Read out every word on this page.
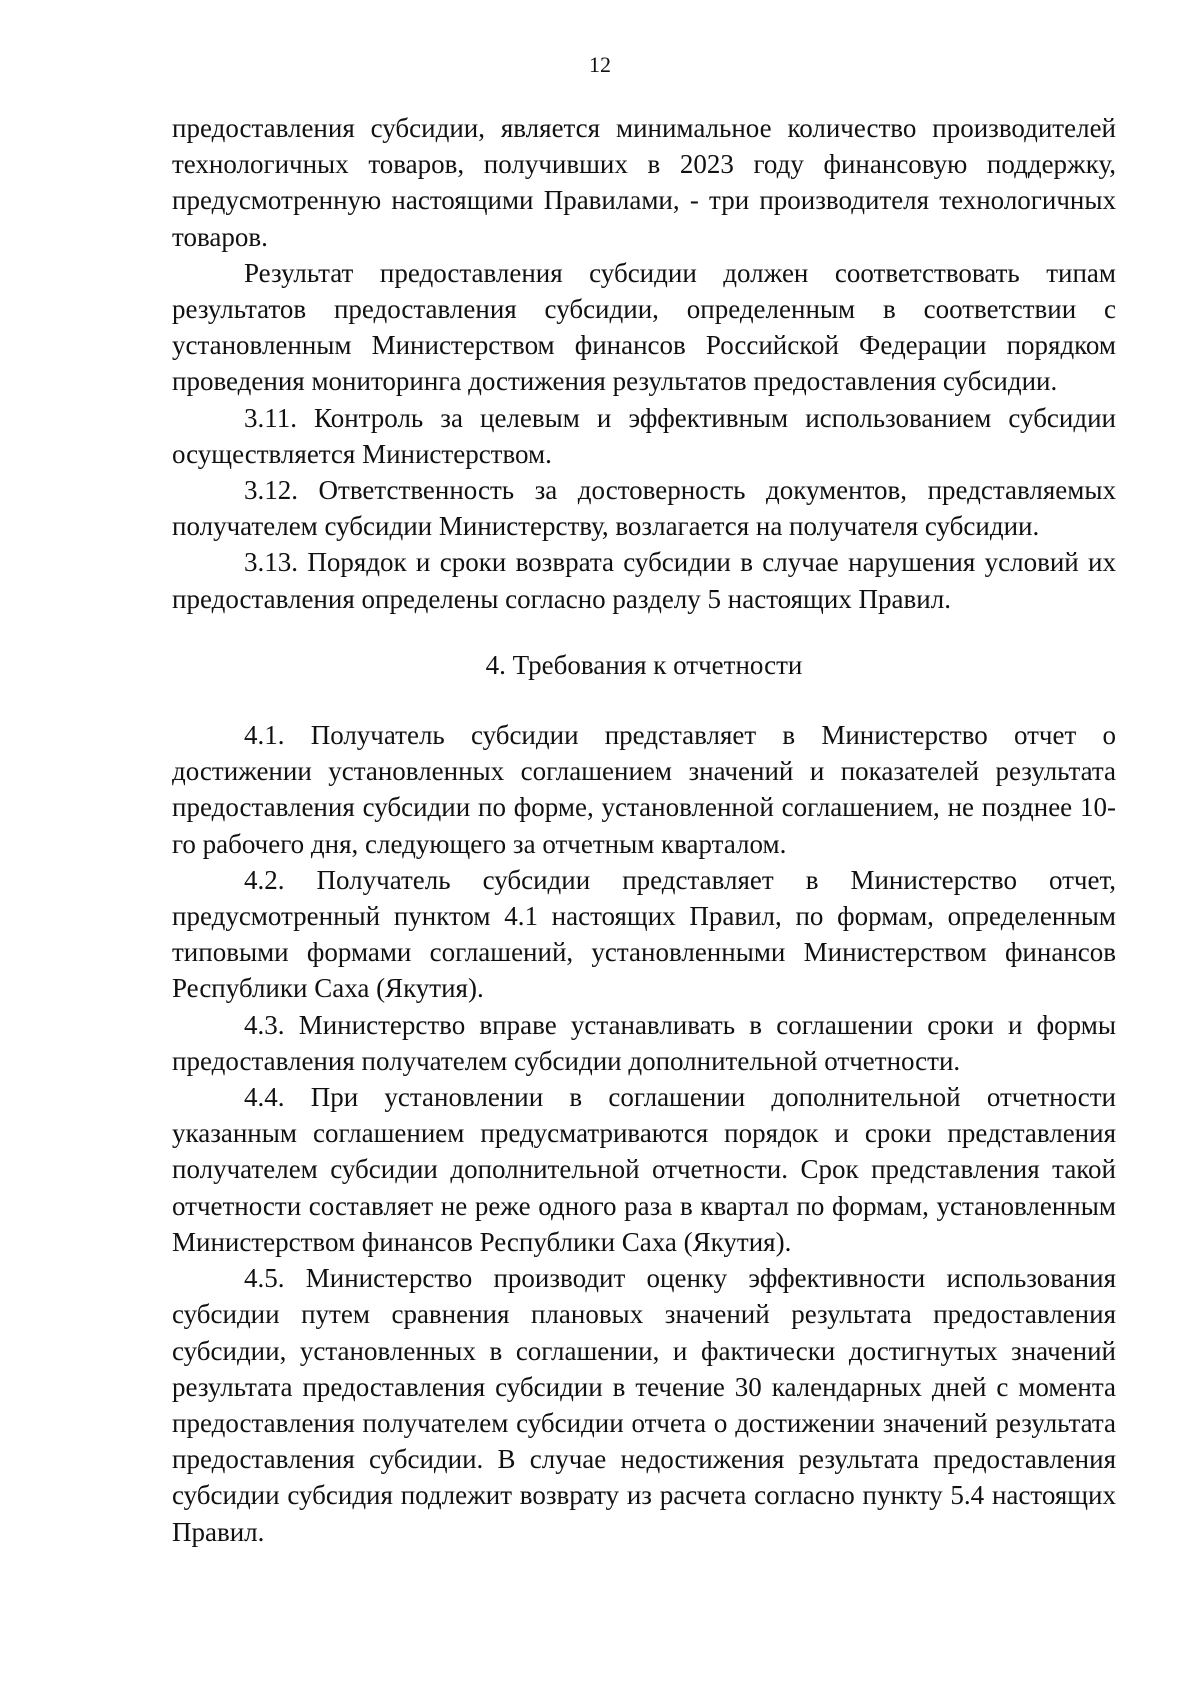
12

предоставления субсидии, является минимальное количество производителей технологичных товаров, получивших в 2023 году финансовую поддержку, предусмотренную настоящими Правилами, - три производителя технологичных товаров.

Результат предоставления субсидии должен соответствовать типам результатов предоставления субсидии, определенным в соответствии с установленным Министерством финансов Российской Федерации порядком проведения мониторинга достижения результатов предоставления субсидии.

3.11. Контроль за целевым и эффективным использованием субсидии осуществляется Министерством.

3.12. Ответственность за достоверность документов, представляемых получателем субсидии Министерству, возлагается на получателя субсидии.

3.13. Порядок и сроки возврата субсидии в случае нарушения условий их предоставления определены согласно разделу 5 настоящих Правил.

4. Требования к отчетности

4.1. Получатель субсидии представляет в Министерство отчет о достижении установленных соглашением значений и показателей результата предоставления субсидии по форме, установленной соглашением, не позднее 10-го рабочего дня, следующего за отчетным кварталом.

4.2. Получатель субсидии представляет в Министерство отчет, предусмотренный пунктом 4.1 настоящих Правил, по формам, определенным типовыми формами соглашений, установленными Министерством финансов Республики Саха (Якутия).

4.3. Министерство вправе устанавливать в соглашении сроки и формы предоставления получателем субсидии дополнительной отчетности.

4.4. При установлении в соглашении дополнительной отчетности указанным соглашением предусматриваются порядок и сроки представления получателем субсидии дополнительной отчетности. Срок представления такой отчетности составляет не реже одного раза в квартал по формам, установленным Министерством финансов Республики Саха (Якутия).

4.5. Министерство производит оценку эффективности использования субсидии путем сравнения плановых значений результата предоставления субсидии, установленных в соглашении, и фактически достигнутых значений результата предоставления субсидии в течение 30 календарных дней с момента предоставления получателем субсидии отчета о достижении значений результата предоставления субсидии. В случае недостижения результата предоставления субсидии субсидия подлежит возврату из расчета согласно пункту 5.4 настоящих Правил.
